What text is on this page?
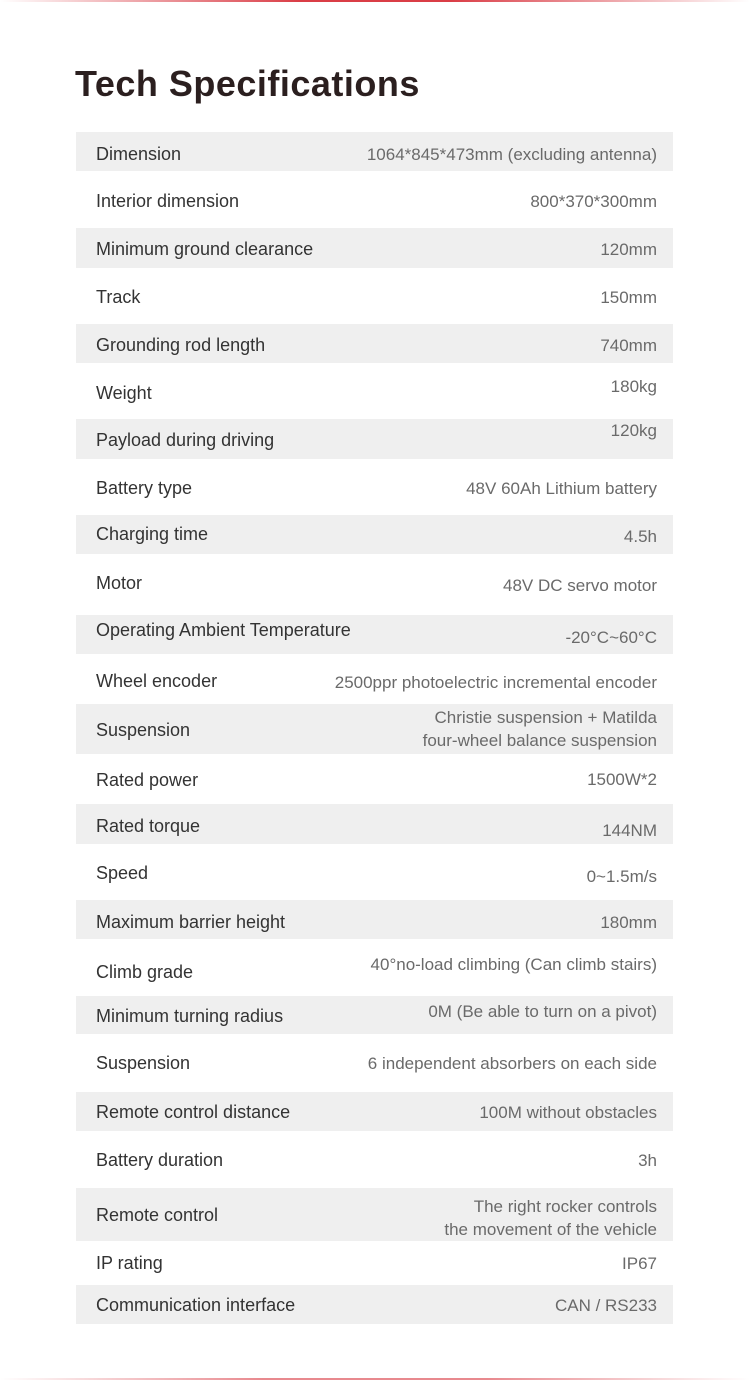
Tech Specifications
Dimension	1064*845*473mm (excluding antenna)
Interior dimension	800*370*300mm
Minimum ground clearance	120mm
Track	150mm
Grounding rod length	740mm
Weight	180kg
Payload during driving	120kg
Battery type	48V 60Ah Lithium battery
Charging time	4.5h
Motor	48V DC servo motor
Operating Ambient Temperature	-20°C~60°C
Wheel encoder	2500ppr photoelectric incremental encoder
Suspension
Christie suspension + Matilda
four-wheel balance suspension
Rated power	1500W*2
Rated torque	144NM
Speed	0~1.5m/s
Maximum barrier height	180mm
Climb grade	40°no-load climbing (Can climb stairs)
Minimum turning radius	0M (Be able to turn on a pivot)
Suspension	6 independent absorbers on each side
Remote control distance	100M without obstacles
Battery duration	3h
Remote control	The right rocker controls
the movement of the vehicle
IP rating	IP67
Communication interface	CAN / RS233
